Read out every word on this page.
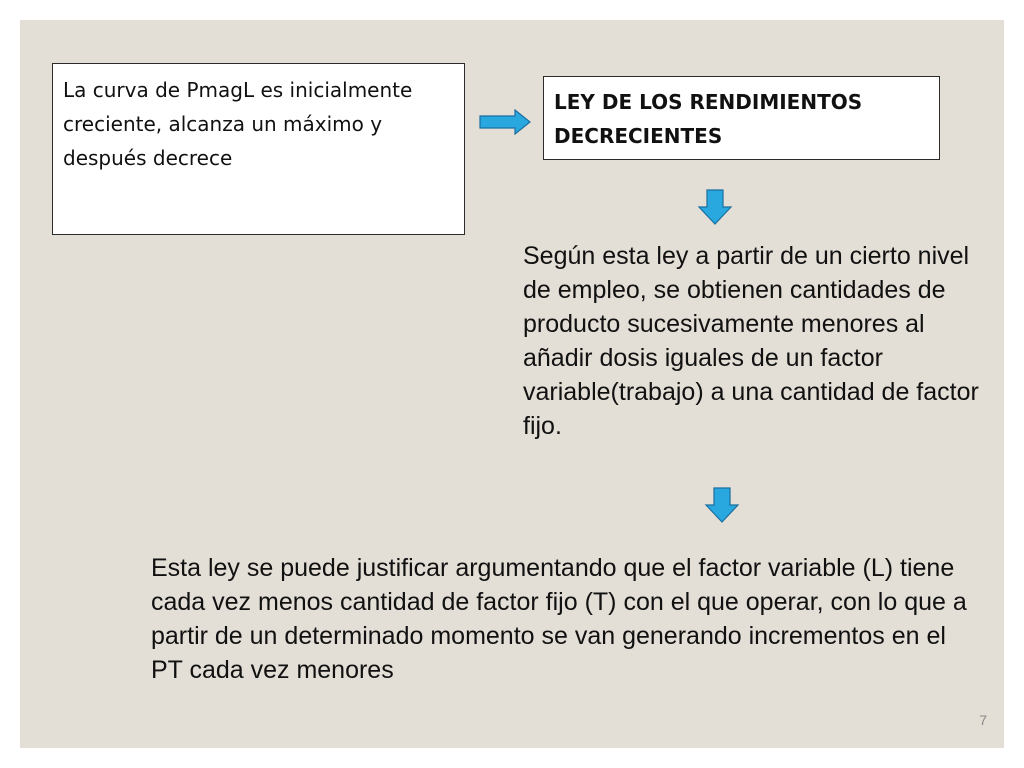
La curva de PmagL es inicialmente creciente, alcanza un máximo y después decrece
LEY DE LOS RENDIMIENTOS DECRECIENTES
Según esta ley a partir de un cierto nivel de empleo, se obtienen cantidades de producto sucesivamente menores al añadir dosis iguales de un factor variable(trabajo) a una cantidad de factor fijo.
Esta ley se puede justificar argumentando que el factor variable (L) tiene cada vez menos cantidad de factor fijo (T) con el que operar, con lo que a partir de un determinado momento se van generando incrementos en el PT cada vez menores
7
